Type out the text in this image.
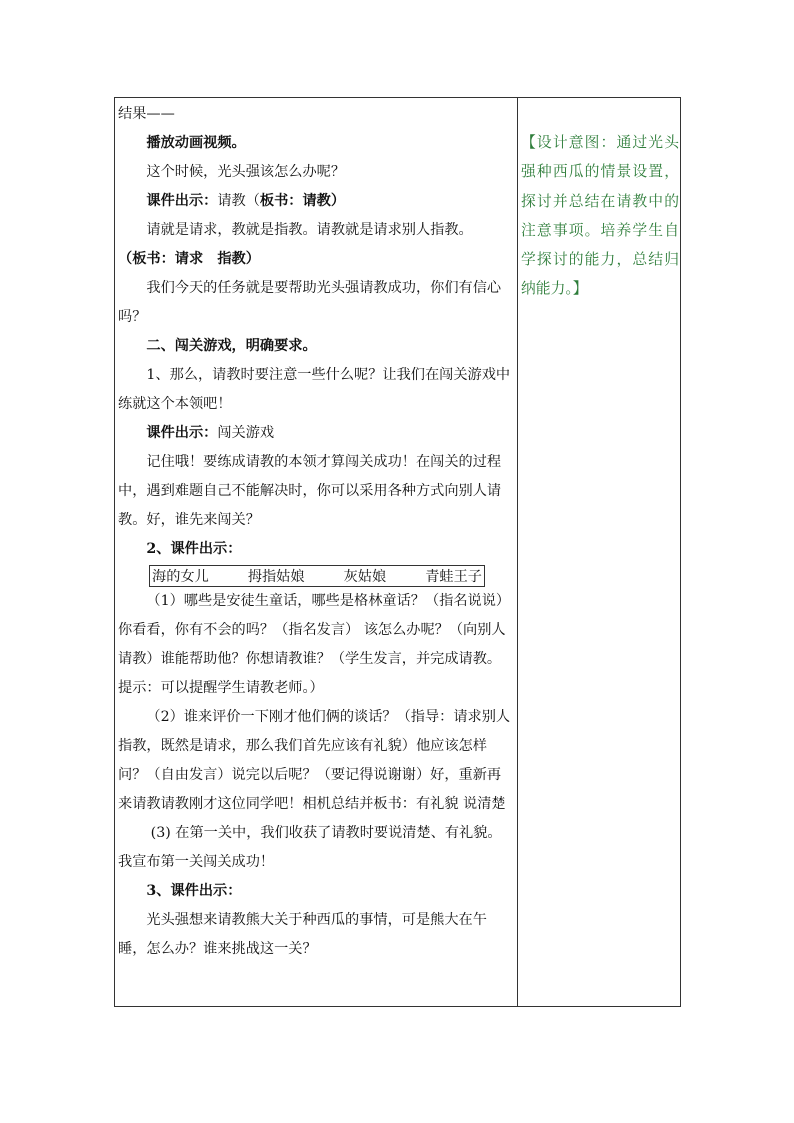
结果——

播放动画视频。

这个时候，光头强该怎么办呢？

课件出示：请教（板书：请教）

请就是请求，教就是指教。请教就是请求别人指教。

（板书：请求　指教）

我们今天的任务就是要帮助光头强请教成功，你们有信心吗？

二、闯关游戏，明确要求。

1、那么，请教时要注意一些什么呢？让我们在闯关游戏中练就这个本领吧！

课件出示：闯关游戏

记住哦！要练成请教的本领才算闯关成功！在闯关的过程中，遇到难题自己不能解决时，你可以采用各种方式向别人请教。好，谁先来闯关？

2、课件出示：

海的女儿	拇指姑娘	灰姑娘	青蛙王子

（1）哪些是安徒生童话，哪些是格林童话？（指名说说）你看看，你有不会的吗？（指名发言） 该怎么办呢？（向别人请教）谁能帮助他？你想请教谁？（学生发言，并完成请教。提示：可以提醒学生请教老师。）

（2）谁来评价一下刚才他们俩的谈话？（指导：请求别人指教，既然是请求，那么我们首先应该有礼貌）他应该怎样问？（自由发言）说完以后呢？（要记得说谢谢）好，重新再来请教请教刚才这位同学吧！相机总结并板书：有礼貌 说清楚

(3) 在第一关中，我们收获了请教时要说清楚、有礼貌。我宣布第一关闯关成功！

3、课件出示：

光头强想来请教熊大关于种西瓜的事情，可是熊大在午睡，怎么办？谁来挑战这一关？

【设计意图：通过光头强种西瓜的情景设置，探讨并总结在请教中的注意事项。培养学生自学探讨的能力，总结归纳能力。】
